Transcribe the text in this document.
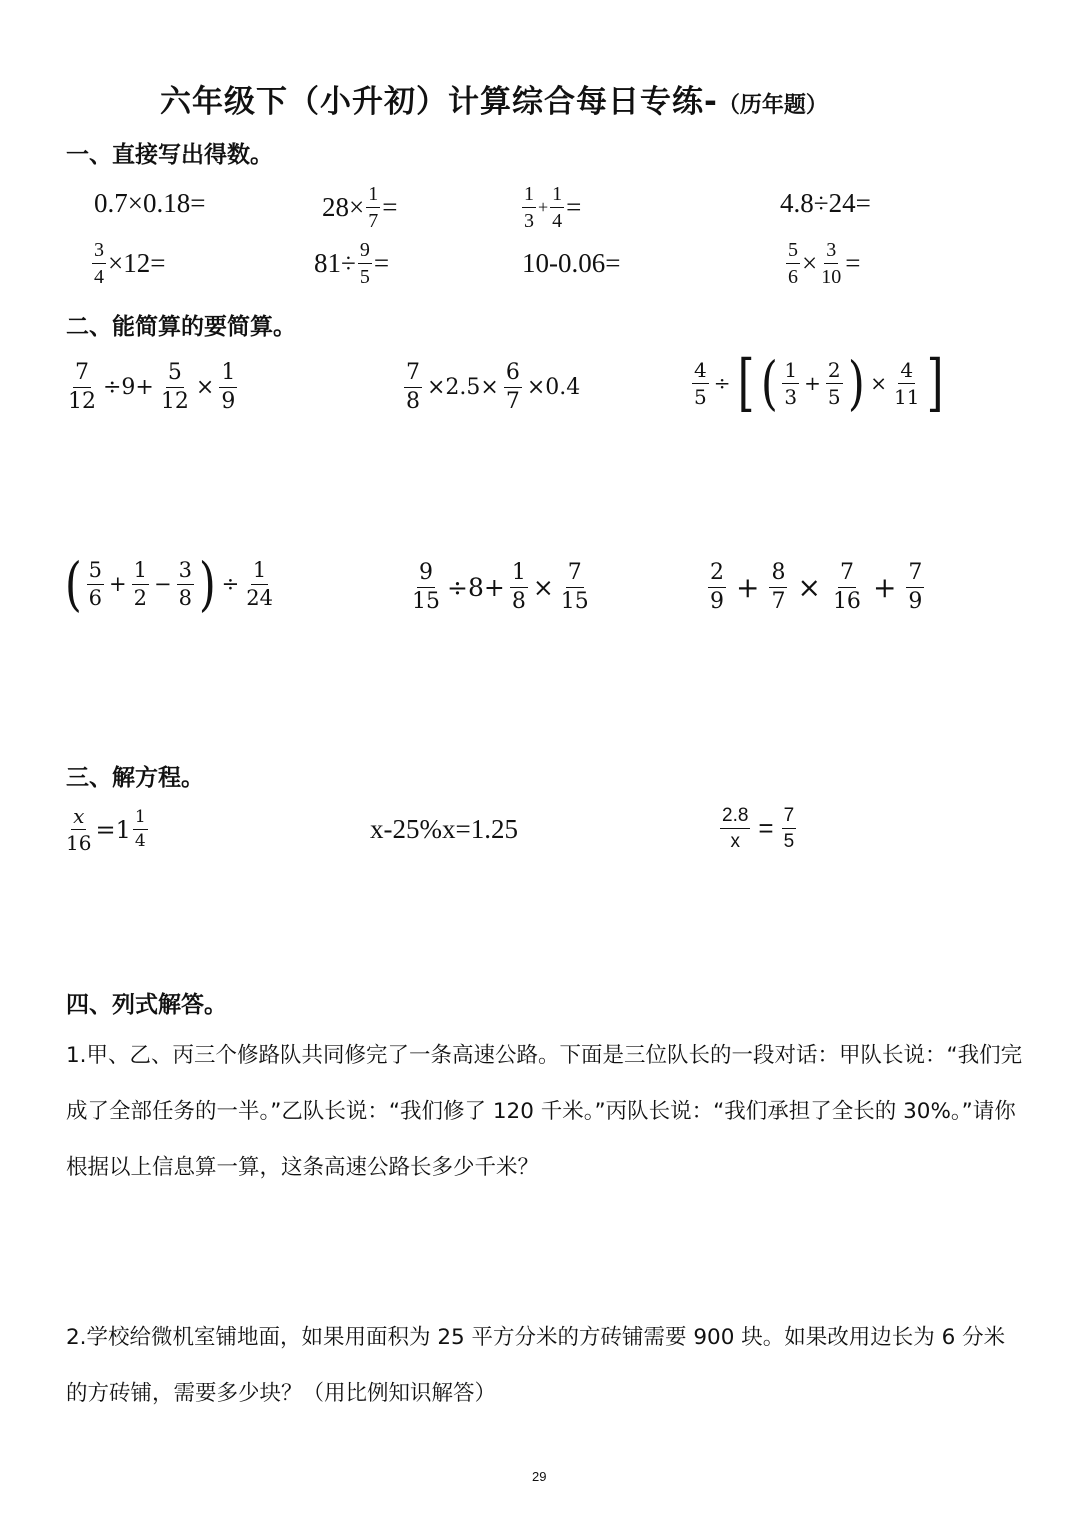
六年级下（小升初）计算综合每日专练-（历年题）
一、直接写出得数。
0.7×0.18=	$28\times \frac{1}{7}$ =	$\frac{1}{3} + \frac{1}{4}$ =	4.8÷24=
$\frac{3}{4} \times 12=$	$81\div \frac{9}{5}$ =	10-0.06=	$\frac{5}{6} \times \frac{3}{10}$ =
二、能简算的要简算。
$\frac{7}{12} \div 9+ \frac{5}{12} \times \frac{1}{9}$	$\frac{7}{8} \times 2.5\times \frac{6}{7} \times 0.4$	$\frac{4}{5}$ ÷ [ ( $\frac{1}{3} + \frac{2}{5}$ ) × $\frac{4}{11}$ ]
( $\frac{5}{6} + \frac{1}{2} - \frac{3}{8}$ ) ÷ $\frac{1}{24}$	$\frac{9}{15} \div 8+ \frac{1}{8} \times \frac{7}{15}$	$\frac{2}{9} + \frac{8}{7} \times \frac{7}{16} + \frac{7}{9}$
三、解方程。
$\frac{x}{16} =1 \frac{1}{4}$	x-25%x=1.25	$\frac{2.8}{x} = \frac{7}{5}$
四、列式解答。
1.甲、乙、丙三个修路队共同修完了一条高速公路。下面是三位队长的一段对话：甲队长说：“我们完成了全部任务的一半。”乙队长说：“我们修了 120 千米。”丙队长说：“我们承担了全长的 30%。”请你根据以上信息算一算，这条高速公路长多少千米？
2.学校给微机室铺地面，如果用面积为 25 平方分米的方砖铺需要 900 块。如果改用边长为 6 分米的方砖铺，需要多少块？（用比例知识解答）
29
